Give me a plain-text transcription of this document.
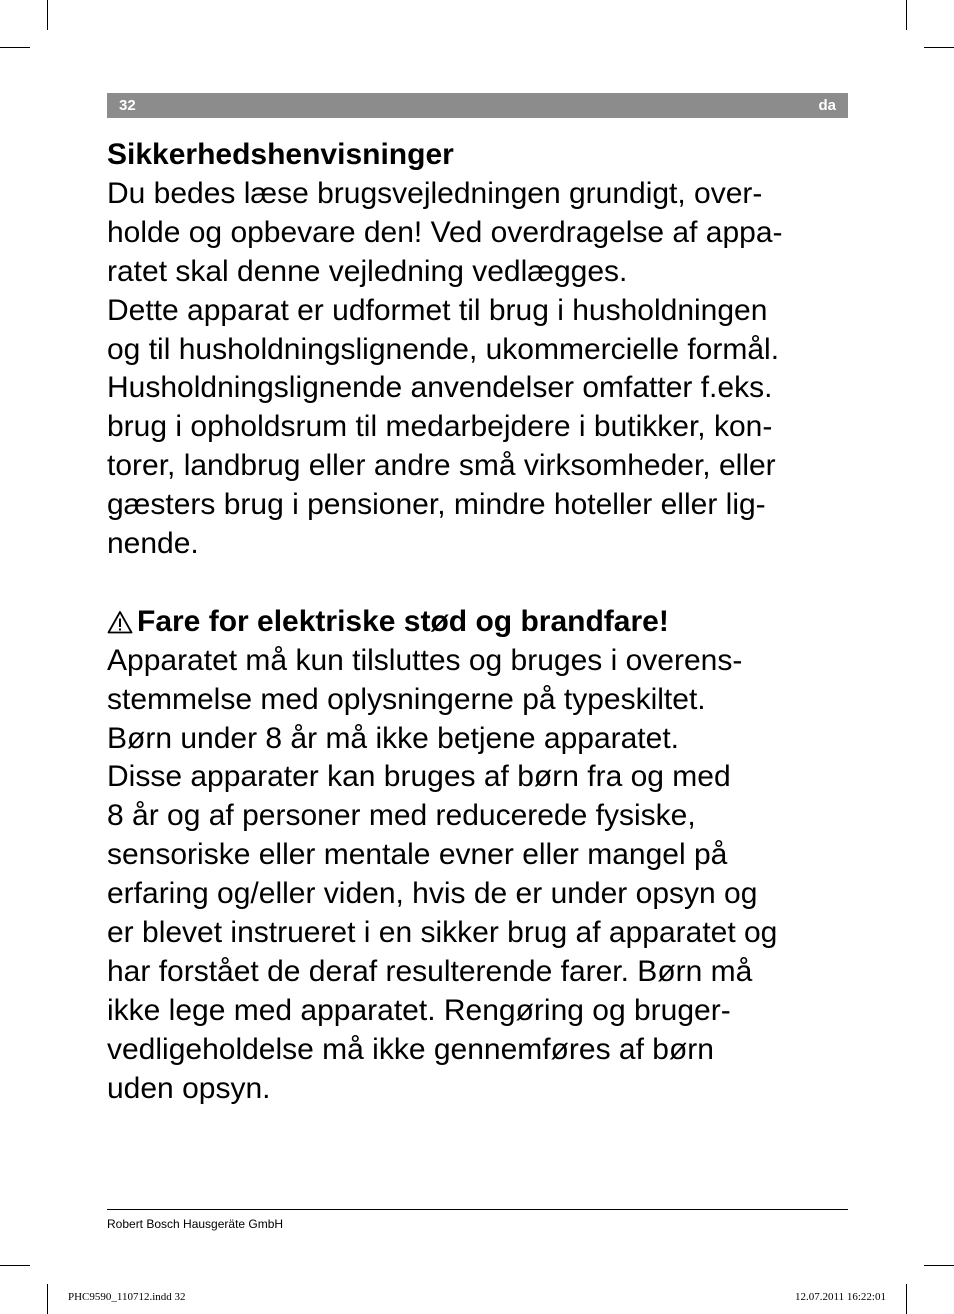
32	da
Sikkerhedshenvisninger
Du bedes læse brugsvejledningen grundigt, over-
holde og opbevare den! Ved overdragelse af appa-
ratet skal denne vejledning vedlægges.
Dette apparat er udformet til brug i husholdningen
og til husholdningslignende, ukommercielle formål.
Husholdningslignende anvendelser omfatter f.eks.
brug i opholdsrum til medarbejdere i butikker, kon-
torer, landbrug eller andre små virksomheder, eller
gæsters brug i pensioner, mindre hoteller eller lig-
nende.
Fare for elektriske stød og brandfare!
Apparatet må kun tilsluttes og bruges i overens-
stemmelse med oplysningerne på typeskiltet.
Børn under 8 år må ikke betjene apparatet.
Disse apparater kan bruges af børn fra og med
8 år og af personer med reducerede fysiske,
sensoriske eller mentale evner eller mangel på
erfaring og/eller viden, hvis de er under opsyn og
er blevet instrueret i en sikker brug af apparatet og
har forstået de deraf resulterende farer. Børn må
ikke lege med apparatet. Rengøring og bruger-
vedligeholdelse må ikke gennemføres af børn
uden opsyn.
Robert Bosch Hausgeräte GmbH
PHC9590_110712.indd 32	12.07.2011 16:22:01
